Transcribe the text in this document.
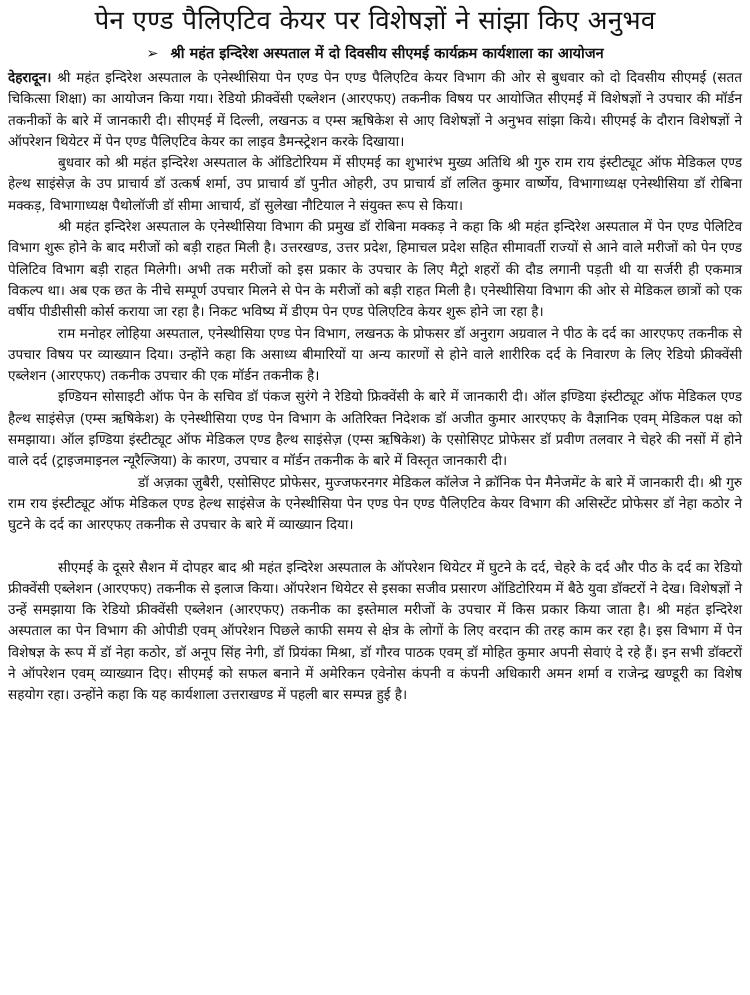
पेन एण्ड पैलिएटिव केयर पर विशेषज्ञों ने सांझा किए अनुभव
➢ श्री महंत इन्दिरेश अस्पताल में दो दिवसीय सीएमई कार्यक्रम कार्यशाला का आयोजन

देहरादून। श्री महंत इन्दिरेश अस्पताल के एनेस्थीसिया पेन एण्ड पेन एण्ड पैलिएटिव केयर विभाग की ओर से बुधवार को दो दिवसीय सीएमई (सतत चिकित्सा शिक्षा) का आयोजन किया गया। रेडियो फ्रीक्वेंसी एब्लेशन (आरएफए) तकनीक विषय पर आयोजित सीएमई में विशेषज्ञों ने उपचार की मॉर्डन तकनीकों के बारे में जानकारी दी। सीएमई में दिल्ली, लखनऊ व एम्स ऋषिकेश से आए विशेषज्ञों ने अनुभव सांझा किये। सीएमई के दौरान विशेषज्ञों ने ऑपरेशन थियेटर में पेन एण्ड पैलिएटिव केयर का लाइव डैमन्स्ट्रेशन करके दिखाया।

बुधवार को श्री महंत इन्दिरेश अस्पताल के ऑडिटोरियम में सीएमई का शुभारंभ मुख्य अतिथि श्री गुरु राम राय इंस्टीट्यूट ऑफ मेडिकल एण्ड हेल्थ साइंसेज़ के उप प्राचार्य डॉ उत्कर्ष शर्मा, उप प्राचार्य डॉ पुनीत ओहरी, उप प्राचार्य डॉ ललित कुमार वार्ष्णेय, विभागाध्यक्ष एनेस्थीसिया डॉ रोबिना मक्कड़, विभागाध्यक्ष पैथोलॉजी डॉ सीमा आचार्य, डॉ सुलेखा नौटियाल ने संयुक्त रूप से किया।

श्री महंत इन्दिरेश अस्पताल के एनेस्थीसिया विभाग की प्रमुख डॉ रोबिना मक्कड़ ने कहा कि श्री महंत इन्दिरेश अस्पताल में पेन एण्ड पेलिटिव विभाग शुरू होने के बाद मरीजों को बड़ी राहत मिली है। उत्तरखण्ड, उत्तर प्रदेश, हिमाचल प्रदेश सहित सीमावर्ती राज्यों से आने वाले मरीजों को पेन एण्ड पेलिटिव विभाग बड़ी राहत मिलेगी। अभी तक मरीजों को इस प्रकार के उपचार के लिए मैट्रो शहरों की दौड लगानी पड़ती थी या सर्जरी ही एकमात्र विकल्प था। अब एक छत के नीचे सम्पूर्ण उपचार मिलने से पेन के मरीजों को बड़ी राहत मिली है। एनेस्थीसिया विभाग की ओर से मेडिकल छात्रों को एक वर्षीय पीडीसीसी कोर्स कराया जा रहा है। निकट भविष्य में डीएम पेन एण्ड पेलिएटिव केयर शुरू होने जा रहा है।

राम मनोहर लोहिया अस्पताल, एनेस्थीसिया एण्ड पेन विभाग, लखनऊ के प्रोफसर डॉ अनुराग अग्रवाल ने पीठ के दर्द का आरएफए तकनीक से उपचार विषय पर व्याख्यान दिया। उन्होंने कहा कि असाध्य बीमारियों या अन्य कारणों से होने वाले शारीरिक दर्द के निवारण के लिए रेडियो फ्रीक्वेंसी एब्लेशन (आरएफए) तकनीक उपचार की एक मॉर्डन तकनीक है।

इण्डियन सोसाइटी ऑफ पेन के सचिव डॉ पंकज सुरंगे ने रेडियो फ्रिक्वेंसी के बारे में जानकारी दी। ऑल इण्डिया इंस्टीट्यूट ऑफ मेडिकल एण्ड हैल्थ साइंसेज़ (एम्स ऋषिकेश) के एनेस्थीसिया एण्ड पेन विभाग के अतिरिक्त निदेशक डॉ अजीत कुमार आरएफए के वैज्ञानिक एवम् मेडिकल पक्ष को समझाया। ऑल इण्डिया इंस्टीट्यूट ऑफ मेडिकल एण्ड हैल्थ साइंसेज़ (एम्स ऋषिकेश) के एसोसिएट प्रोफेसर डॉ प्रवीण तलवार ने चेहरे की नसों में होने वाले दर्द (ट्राइजमाइनल न्यूरैल्जिया) के कारण, उपचार व मॉर्डन तकनीक के बारे में विस्तृत जानकारी दी।

डॉ अज़का ज़ुबैरी, एसोसिएट प्रोफेसर, मुज्जफरनगर मेडिकल कॉलेज ने क्रॉनिक पेन मैनेजमेंट के बारे में जानकारी दी। श्री गुरु राम राय इंस्टीट्यूट ऑफ मेडिकल एण्ड हेल्थ साइंसेज के एनेस्थीसिया पेन एण्ड पेन एण्ड पैलिएटिव केयर विभाग की असिस्टेंट प्रोफेसर डॉ नेहा कठोर ने घुटने के दर्द का आरएफए तकनीक से उपचार के बारे में व्याख्यान दिया।

सीएमई के दूसरे सैशन में दोपहर बाद श्री महंत इन्दिरेश अस्पताल के ऑपरेशन थियेटर में घुटने के दर्द, चेहरे के दर्द और पीठ के दर्द का रेडियो फ्रीक्वेंसी एब्लेशन (आरएफए) तकनीक से इलाज किया। ऑपरेशन थियेटर से इसका सजीव प्रसारण ऑडिटोरियम में बैठे युवा डॉक्टरों ने देख। विशेषज्ञों ने उन्हें समझाया कि रेडियो फ्रीक्वेंसी एब्लेशन (आरएफए) तकनीक का इस्तेमाल मरीजों के उपचार में किस प्रकार किया जाता है। श्री महंत इन्दिरेश अस्पताल का पेन विभाग की ओपीडी एवम् ऑपरेशन पिछले काफी समय से क्षेत्र के लोगों के लिए वरदान की तरह काम कर रहा है। इस विभाग में पेन विशेषज्ञ के रूप में डॉ नेहा कठोर, डॉ अनूप सिंह नेगी, डॉ प्रियंका मिश्रा, डॉ गौरव पाठक एवम् डॉ मोहित कुमार अपनी सेवाएं दे रहे हैं। इन सभी डॉक्टरों ने ऑपरेशन एवम् व्याख्यान दिए। सीएमई को सफल बनाने में अमेरिकन एवेनोस कंपनी व कंपनी अधिकारी अमन शर्मा व राजेन्द्र खण्डूरी का विशेष सहयोग रहा। उन्होंने कहा कि यह कार्यशाला उत्तराखण्ड में पहली बार सम्पन्न हुई है।
